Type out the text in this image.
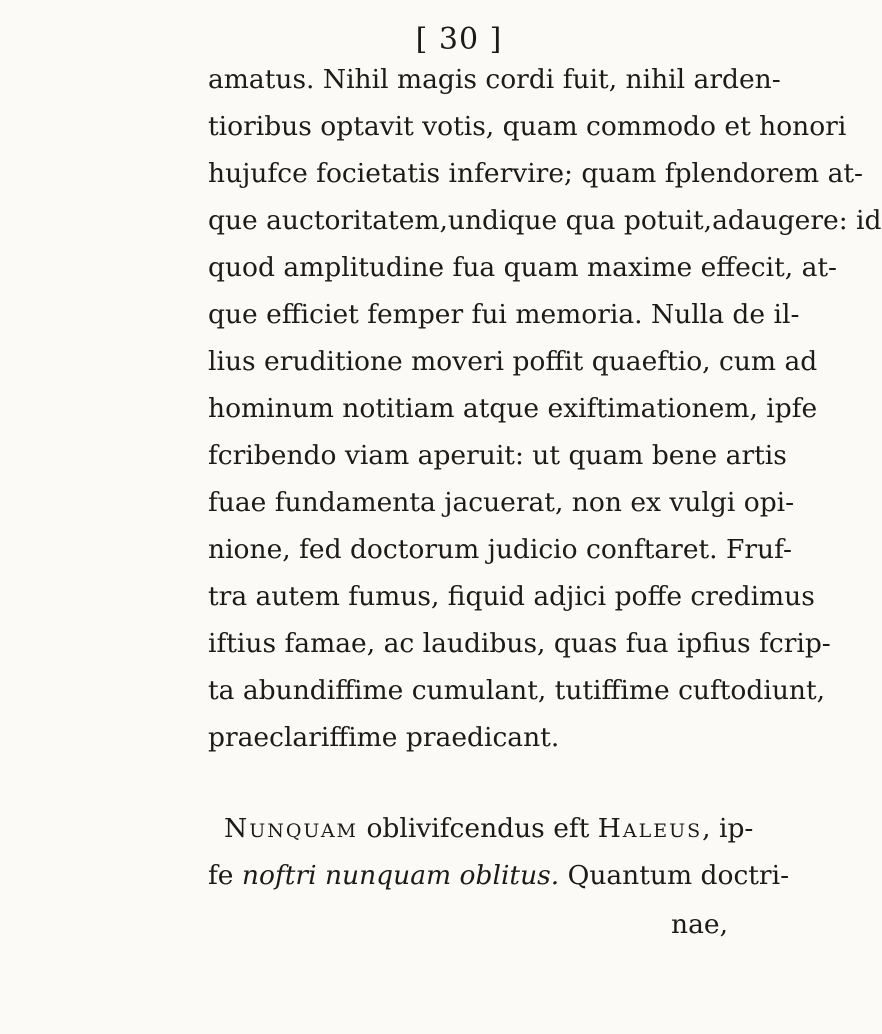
[ 30 ]
amatus. Nihil magis cordi fuit, nihil arden-
tioribus optavit votis, quam commodo et honori
hujufce focietatis infervire; quam fplendorem at-
que auctoritatem,undique qua potuit,adaugere: id
quod amplitudine fua quam maxime effecit, at-
que efficiet femper fui memoria. Nulla de il-
lius eruditione moveri poffit quaeftio, cum ad
hominum notitiam atque exiftimationem, ipfe
fcribendo viam aperuit: ut quam bene artis
fuae fundamenta jacuerat, non ex vulgi opi-
nione, fed doctorum judicio conftaret. Fruf-
tra autem fumus, fiquid adjici poffe credimus
iftius famae, ac laudibus, quas fua ipfius fcrip-
ta abundiffime cumulant, tutiffime cuftodiunt,
praeclariffime praedicant.
Nunquam oblivifcendus eft Haleus, ip-
fe noftri nunquam oblitus. Quantum doctri-
nae,
